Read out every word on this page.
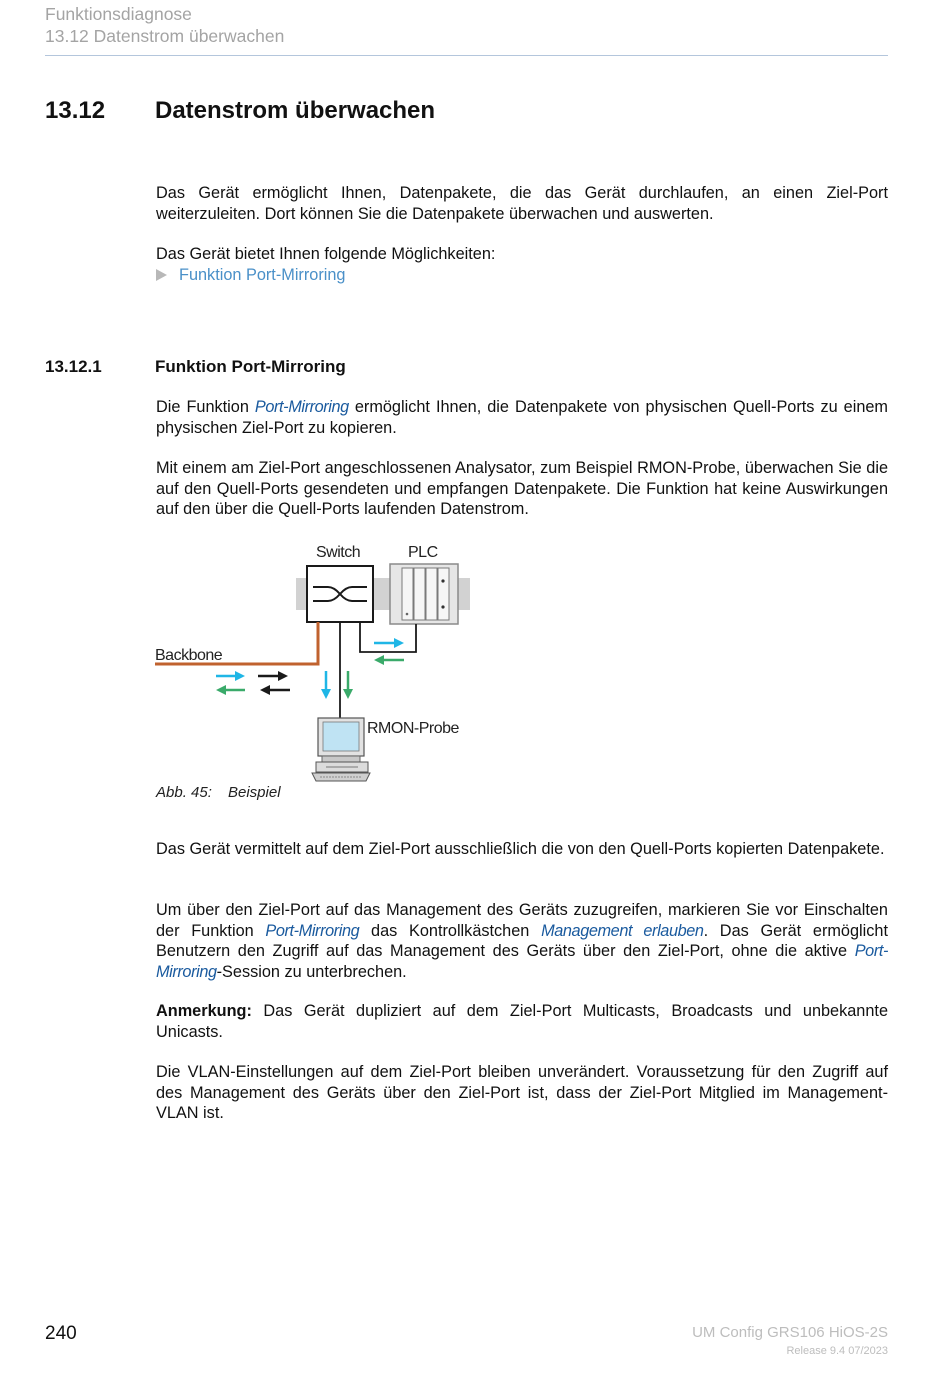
Funktionsdiagnose
13.12 Datenstrom überwachen
13.12 Datenstrom überwachen
Das Gerät ermöglicht Ihnen, Datenpakete, die das Gerät durchlaufen, an einen Ziel-Port weiterzuleiten. Dort können Sie die Datenpakete überwachen und auswerten.
Das Gerät bietet Ihnen folgende Möglichkeiten:
Funktion Port-Mirroring
13.12.1	Funktion Port-Mirroring
Die Funktion Port-Mirroring ermöglicht Ihnen, die Datenpakete von physischen Quell-Ports zu einem physischen Ziel-Port zu kopieren.
Mit einem am Ziel-Port angeschlossenen Analysator, zum Beispiel RMON-Probe, überwachen Sie die auf den Quell-Ports gesendeten und empfangen Datenpakete. Die Funktion hat keine Auswirkungen auf den über die Quell-Ports laufenden Datenstrom.
Switch	PLC
Backbone
RMON-Probe
Abb. 45: Beispiel
Das Gerät vermittelt auf dem Ziel-Port ausschließlich die von den Quell-Ports kopierten Datenpakete.
Um über den Ziel-Port auf das Management des Geräts zuzugreifen, markieren Sie vor Einschalten der Funktion Port-Mirroring das Kontrollkästchen Management erlauben. Das Gerät ermöglicht Benutzern den Zugriff auf das Management des Geräts über den Ziel-Port, ohne die aktive Port-Mirroring-Session zu unterbrechen.
Anmerkung: Das Gerät dupliziert auf dem Ziel-Port Multicasts, Broadcasts und unbekannte Unicasts.
Die VLAN-Einstellungen auf dem Ziel-Port bleiben unverändert. Voraussetzung für den Zugriff auf des Management des Geräts über den Ziel-Port ist, dass der Ziel-Port Mitglied im Management-VLAN ist.
240	UM Config GRS106 HiOS-2S
Release 9.4 07/2023
